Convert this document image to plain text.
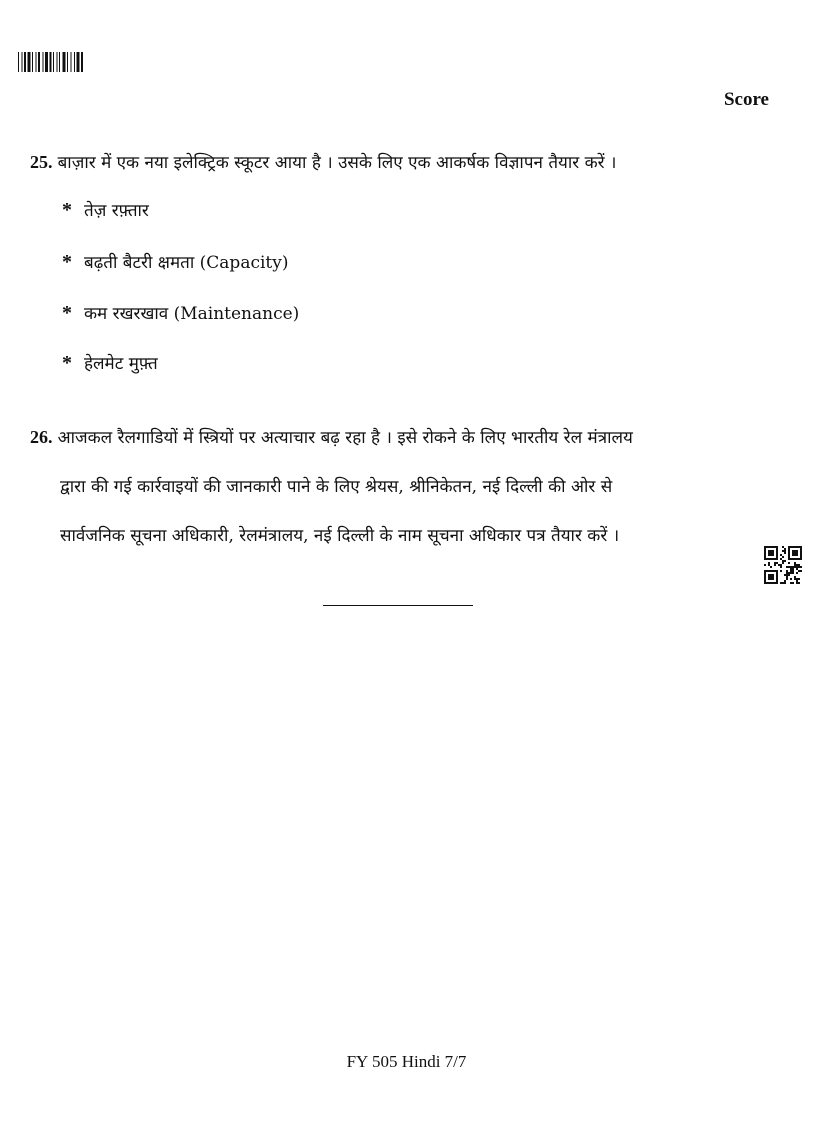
Score
25. बाज़ार में एक नया इलेक्ट्रिक स्कूटर आया है । उसके लिए एक आकर्षक विज्ञापन तैयार करें ।
* तेज़ रफ़्तार
* बढ़ती बैटरी क्षमता (Capacity)
* कम रखरखाव (Maintenance)
* हेलमेट मुफ़्त
26. आजकल रैलगाडियों में स्त्रियों पर अत्याचार बढ़ रहा है । इसे रोकने के लिए भारतीय रेल मंत्रालय
द्वारा की गई कार्रवाइयों की जानकारी पाने के लिए श्रेयस, श्रीनिकेतन, नई दिल्ली की ओर से
सार्वजनिक सूचना अधिकारी, रेलमंत्रालय, नई दिल्ली के नाम सूचना अधिकार पत्र तैयार करें ।
FY 505 Hindi 7/7
